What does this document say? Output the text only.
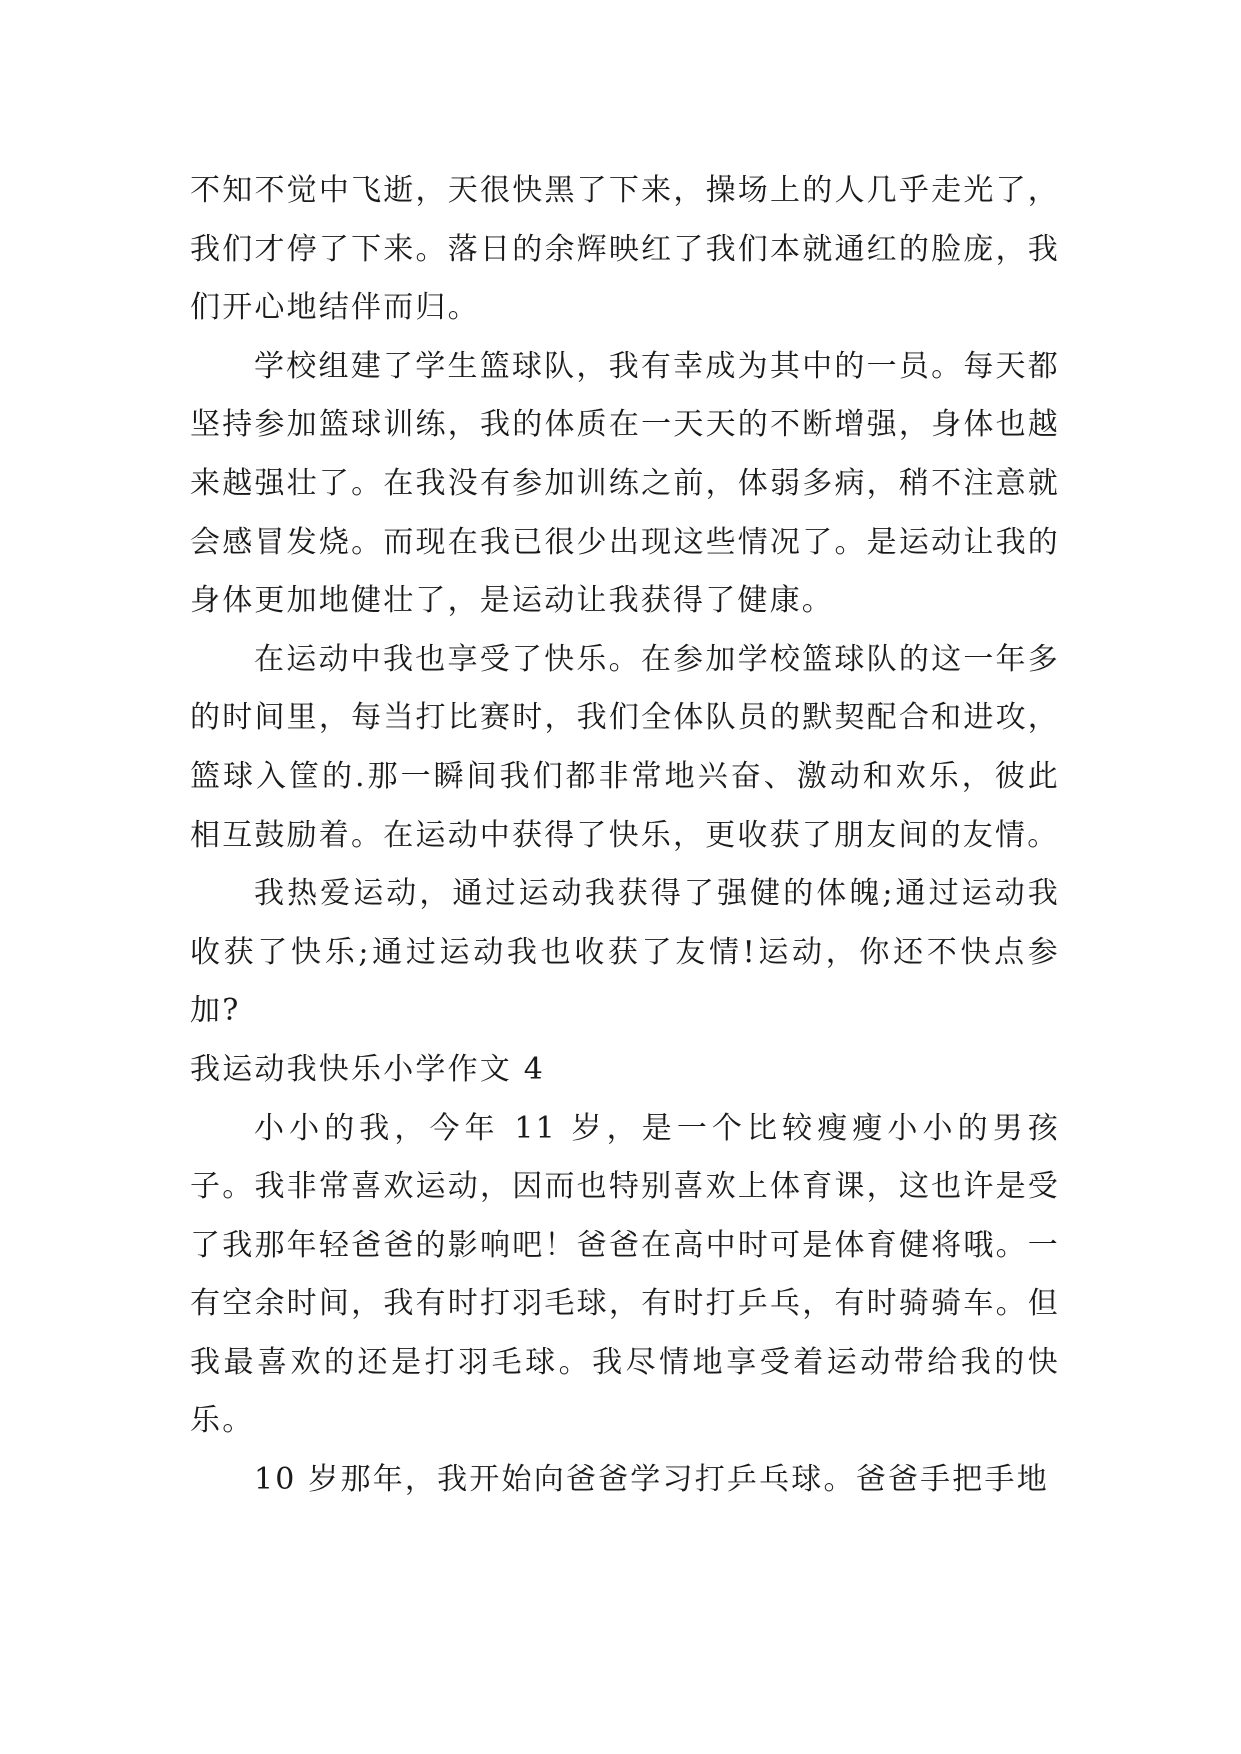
不知不觉中飞逝，天很快黑了下来，操场上的人几乎走光了，我们才停了下来。落日的余辉映红了我们本就通红的脸庞，我们开心地结伴而归。

学校组建了学生篮球队，我有幸成为其中的一员。每天都坚持参加篮球训练，我的体质在一天天的不断增强，身体也越来越强壮了。在我没有参加训练之前，体弱多病，稍不注意就会感冒发烧。而现在我已很少出现这些情况了。是运动让我的身体更加地健壮了，是运动让我获得了健康。

在运动中我也享受了快乐。在参加学校篮球队的这一年多的时间里，每当打比赛时，我们全体队员的默契配合和进攻，篮球入筐的.那一瞬间我们都非常地兴奋、激动和欢乐，彼此相互鼓励着。在运动中获得了快乐，更收获了朋友间的友情。

我热爱运动，通过运动我获得了强健的体魄;通过运动我收获了快乐;通过运动我也收获了友情!运动，你还不快点参加?

我运动我快乐小学作文 4

小小的我，今年 11 岁，是一个比较瘦瘦小小的男孩子。我非常喜欢运动，因而也特别喜欢上体育课，这也许是受了我那年轻爸爸的影响吧！爸爸在高中时可是体育健将哦。一有空余时间，我有时打羽毛球，有时打乒乓，有时骑骑车。但我最喜欢的还是打羽毛球。我尽情地享受着运动带给我的快乐。

10 岁那年，我开始向爸爸学习打乒乓球。爸爸手把手地
